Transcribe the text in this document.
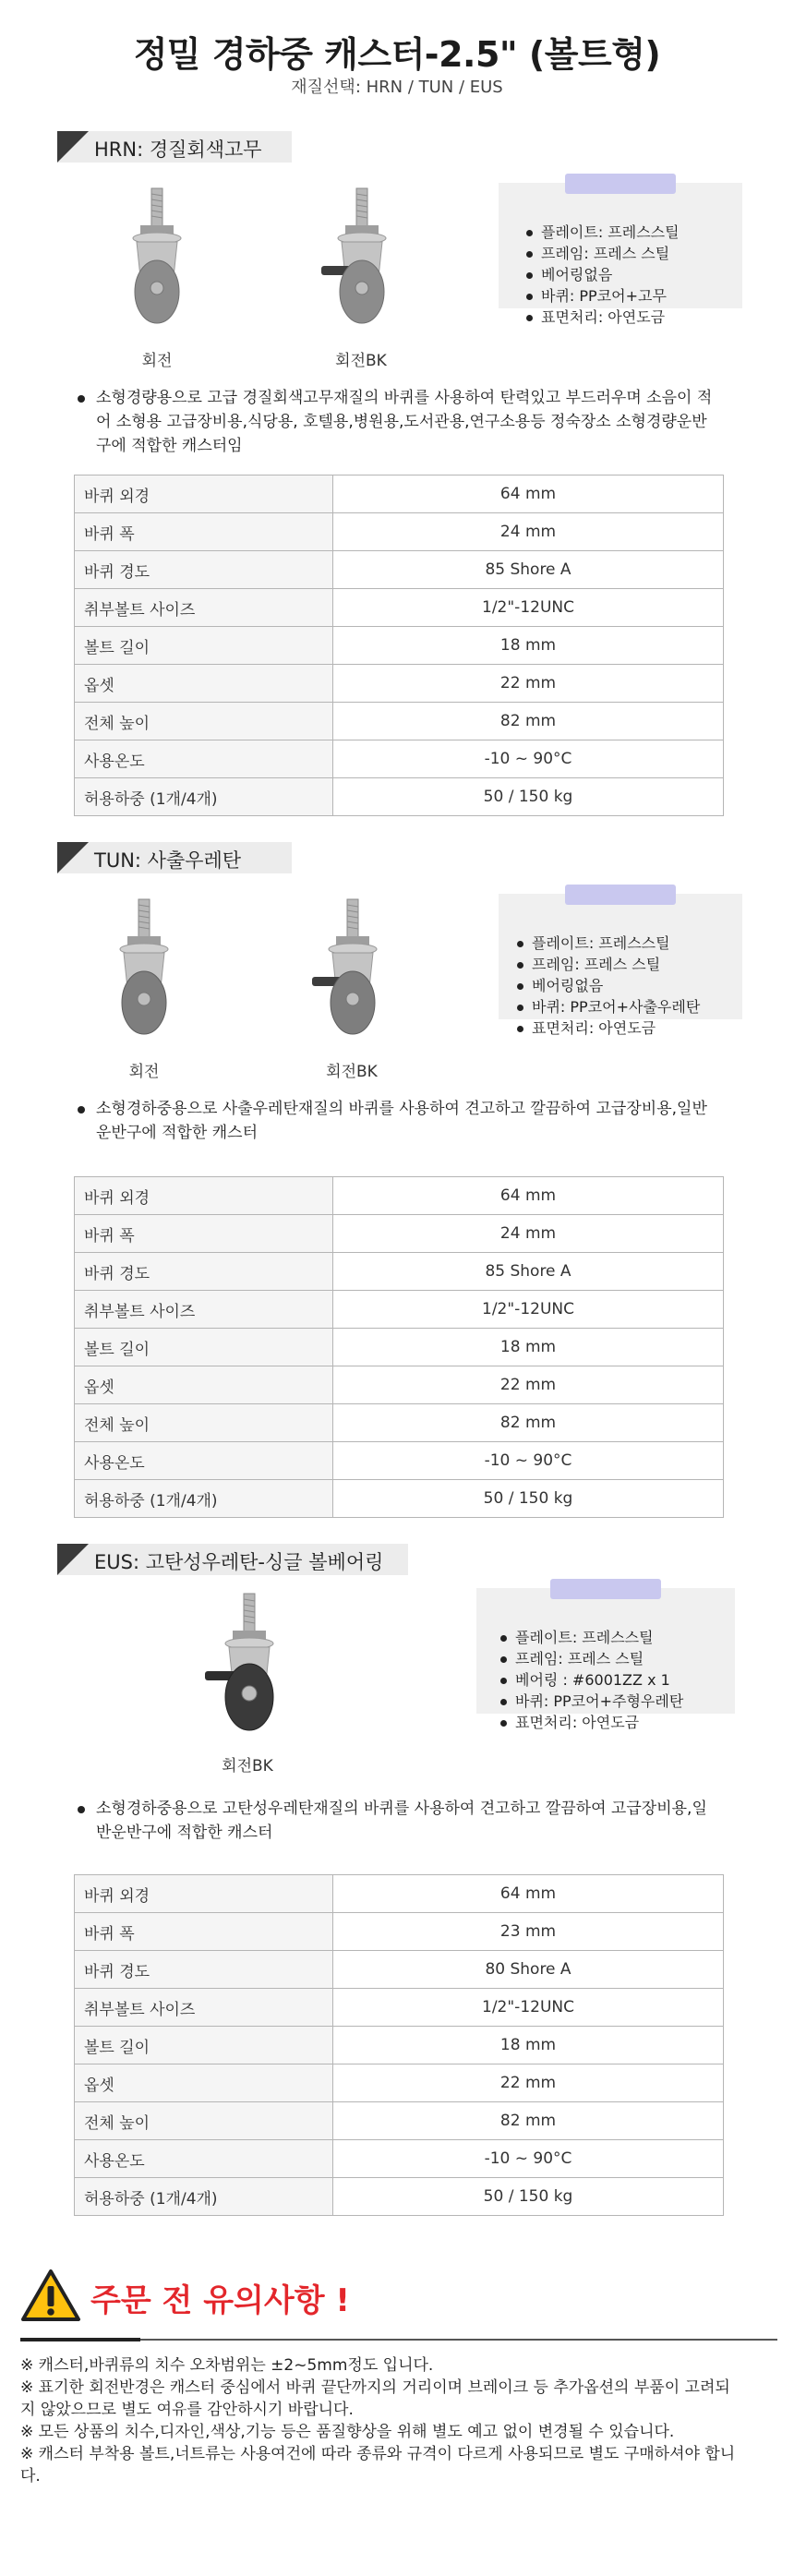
정밀 경하중 캐스터-2.5" (볼트형)
재질선택: HRN / TUN / EUS
HRN: 경질회색고무
회전	회전BK
플레이트: 프레스스틸
프레임: 프레스 스틸
베어링없음
바퀴: PP코어+고무
표면처리: 아연도금
소형경량용으로 고급 경질회색고무재질의 바퀴를 사용하여 탄력있고 부드러우며 소음이 적어 소형용 고급장비용,식당용, 호텔용,병원용,도서관용,연구소용등 정숙장소 소형경량운반구에 적합한 캐스터임
바퀴 외경	64 mm
바퀴 폭	24 mm
바퀴 경도	85 Shore A
취부볼트 사이즈	1/2"-12UNC
볼트 길이	18 mm
옵셋	22 mm
전체 높이	82 mm
사용온도	-10 ~ 90°C
허용하중 (1개/4개)	50 / 150 kg
TUN: 사출우레탄
회전	회전BK
플레이트: 프레스스틸
프레임: 프레스 스틸
베어링없음
바퀴: PP코어+사출우레탄
표면처리: 아연도금
소형경하중용으로 사출우레탄재질의 바퀴를 사용하여 견고하고 깔끔하여 고급장비용,일반운반구에 적합한 캐스터
바퀴 외경	64 mm
바퀴 폭	24 mm
바퀴 경도	85 Shore A
취부볼트 사이즈	1/2"-12UNC
볼트 길이	18 mm
옵셋	22 mm
전체 높이	82 mm
사용온도	-10 ~ 90°C
허용하중 (1개/4개)	50 / 150 kg
EUS: 고탄성우레탄-싱글 볼베어링
회전BK
플레이트: 프레스스틸
프레임: 프레스 스틸
베어링 : #6001ZZ x 1
바퀴: PP코어+주형우레탄
표면처리: 아연도금
소형경하중용으로 고탄성우레탄재질의 바퀴를 사용하여 견고하고 깔끔하여 고급장비용,일반운반구에 적합한 캐스터
바퀴 외경	64 mm
바퀴 폭	23 mm
바퀴 경도	80 Shore A
취부볼트 사이즈	1/2"-12UNC
볼트 길이	18 mm
옵셋	22 mm
전체 높이	82 mm
사용온도	-10 ~ 90°C
허용하중 (1개/4개)	50 / 150 kg
주문 전 유의사항 !

※ 캐스터,바퀴류의 치수 오차범위는 ±2~5mm정도 입니다.

※ 표기한 회전반경은 캐스터 중심에서 바퀴 끝단까지의 거리이며 브레이크 등 추가옵션의 부품이 고려되지 않았으므로 별도 여유를 감안하시기 바랍니다.

※ 모든 상품의 치수,디자인,색상,기능 등은 품질향상을 위해 별도 예고 없이 변경될 수 있습니다.

※ 캐스터 부착용 볼트,너트류는 사용여건에 따라 종류와 규격이 다르게 사용되므로 별도 구매하셔야 합니다.
